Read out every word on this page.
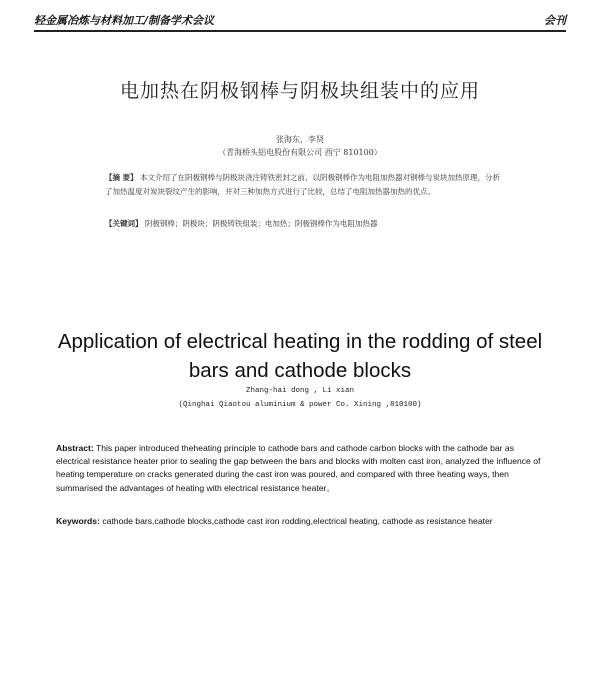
轻金属冶炼与材料加工/制备学术会议	会刊
电加热在阴极钢棒与阴极块组装中的应用
张海东，李贤
（青海桥头铝电股份有限公司 西宁 810100）
【摘 要】 本文介绍了在阴极钢棒与阴极块浇注铸铁密封之前，以阴极钢棒作为电阻加热器对钢棒与炭块加热原理，分析了加热温度对炭块裂纹产生的影响，并对三种加热方式进行了比较，总结了电阻加热器加热的优点。
【关键词】 阴极钢棒；阴极块；阴极铸铁組装；电加热；阴极钢棒作为电阻加热器
Application of electrical heating in the rodding of steel bars and cathode blocks
Zhang-hai dong , Li xian
(Qinghai Qiaotou aluminium & power Co. Xining ,810100)
Abstract: This paper introduced theheating principle to cathode bars and cathode carbon blocks with the cathode bar as electrical resistance heater prior to sealing the gap between the bars and blocks with molten cast iron, analyzed the influence of heating temperature on cracks generated during the cast iron was poured, and compared with three heating ways, then summarised the advantages of heating with electrical resistance heater。
Keywords: cathode bars,cathode blocks,cathode cast iron rodding,electrical heating, cathode as resistance heater
